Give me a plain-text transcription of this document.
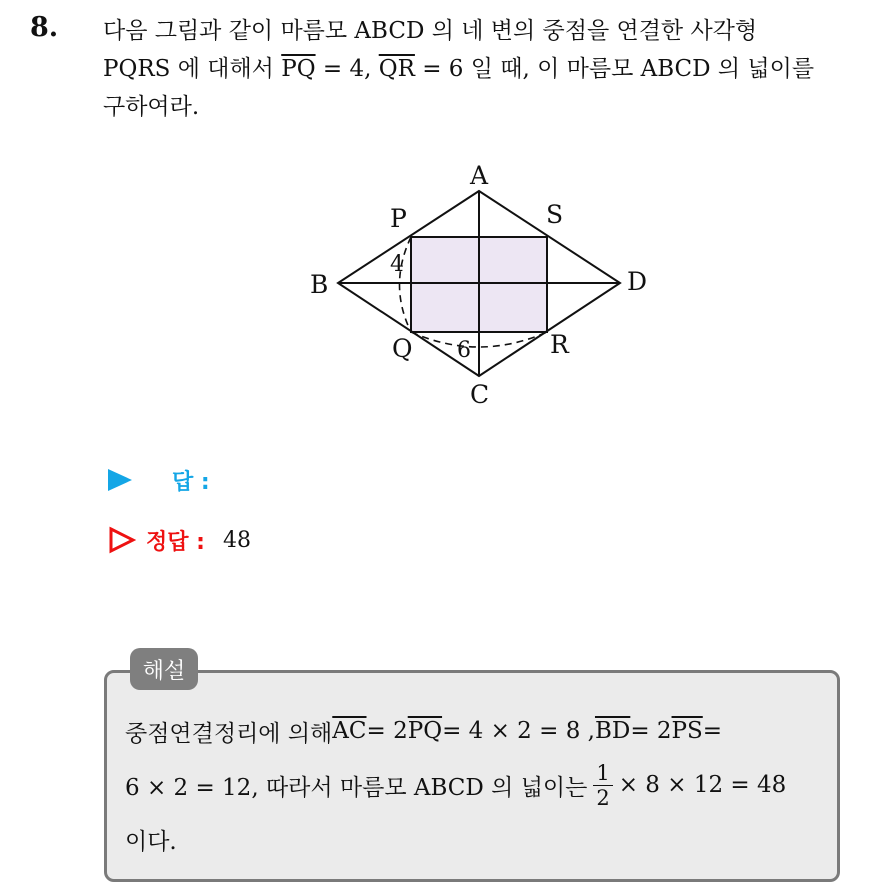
8. 다음 그림과 같이 마름모 ABCD 의 네 변의 중점을 연결한 사각형
PQRS 에 대해서 $\overline{PQ} = 4$, $\overline{QR} = 6$ 일 때, 이 마름모 ABCD 의 넓이를
구하여라.
A
B
C
D
P
Q	R
S
4
6
답 :
정답 : 48
해설
중점연결정리에 의해 $\overline{AC} = 2$ $\overline{PQ} = 4 \times 2 = 8$ , $\overline{BD} = 2$ $\overline{PS}$ =
6 × 2 = 12, 따라서 마름모 ABCD 의 넓이는 $\frac{1}{2} \times 8 \times 12 = 48$
이다.
